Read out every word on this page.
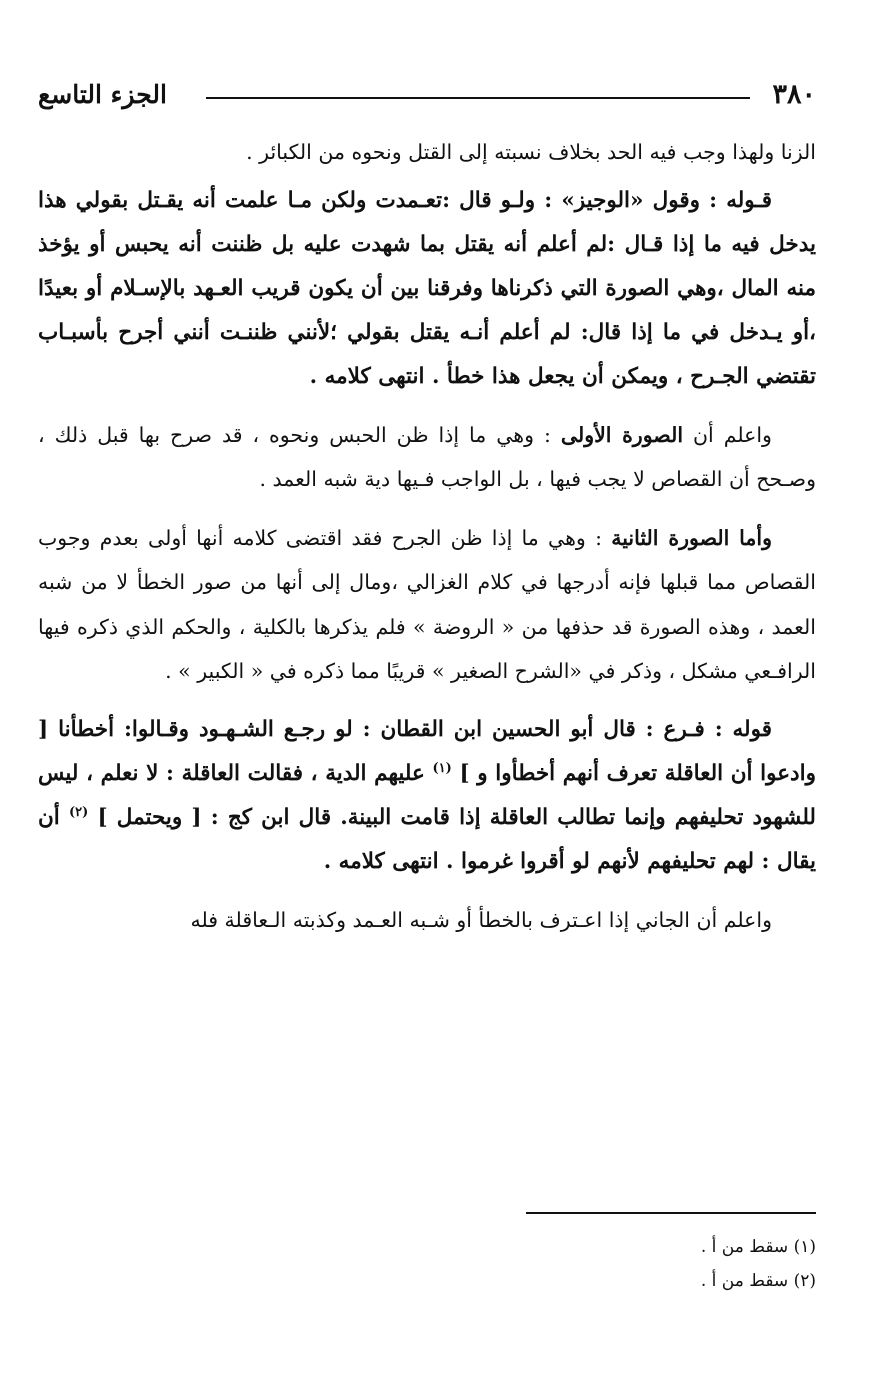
٣٨٠
الجزء التاسع

الزنا ولهذا وجب فيه الحد بخلاف نسبته إلى القتل ونحوه من الكبائر .

قـوله : وقول «الوجيز» : ولـو قال :تعـمدت ولكن مـا علمت أنه يقـتل بقولي هذا يدخل فيه ما إذا قـال :لم أعلم أنه يقتل بما شهدت عليه بل ظننت أنه يحبس أو يؤخذ منه المال ،وهي الصورة التي ذكرناها وفرقنا بين أن يكون قريب العـهد بالإسـلام أو بعيدًا ،أو يـدخل في ما إذا قال: لم أعلم أنـه يقتل بقولي ؛لأنني ظننـت أنني أجرح بأسبـاب تقتضي الجـرح ، ويمكن أن يجعل هذا خطأ . انتهى كلامه .

واعلم أن الصورة الأولى : وهي ما إذا ظن الحبس ونحوه ، قد صرح بها قبل ذلك ، وصـحح أن القصاص لا يجب فيها ، بل الواجب فـيها دية شبه العمد .

وأما الصورة الثانية : وهي ما إذا ظن الجرح فقد اقتضى كلامه أنها أولى بعدم وجوب القصاص مما قبلها فإنه أدرجها في كلام الغزالي ،ومال إلى أنها من صور الخطأ لا من شبه العمد ، وهذه الصورة قد حذفها من « الروضة » فلم يذكرها بالكلية ، والحكم الذي ذكره فيها الرافـعي مشكل ، وذكر في «الشرح الصغير » قريبًا مما ذكره في « الكبير » .

قوله : فـرع : قال أبو الحسين ابن القطان : لو رجـع الشـهـود وقـالوا: أخطأنا [ وادعوا أن العاقلة تعرف أنهم أخطأوا و ] $^{(١)}$ عليهم الدية ، فقالت العاقلة : لا نعلم ، ليس للشهود تحليفهم وإنما تطالب العاقلة إذا قامت البينة. قال ابن كج : [ ويحتمل ] $^{(٢)}$ أن يقال : لهم تحليفهم لأنهم لو أقروا غرموا . انتهى كلامه .

واعلم أن الجاني إذا اعـترف بالخطأ أو شـبه العـمد وكذبته الـعاقلة فله

(١) سقط من أ .
(٢) سقط من أ .
